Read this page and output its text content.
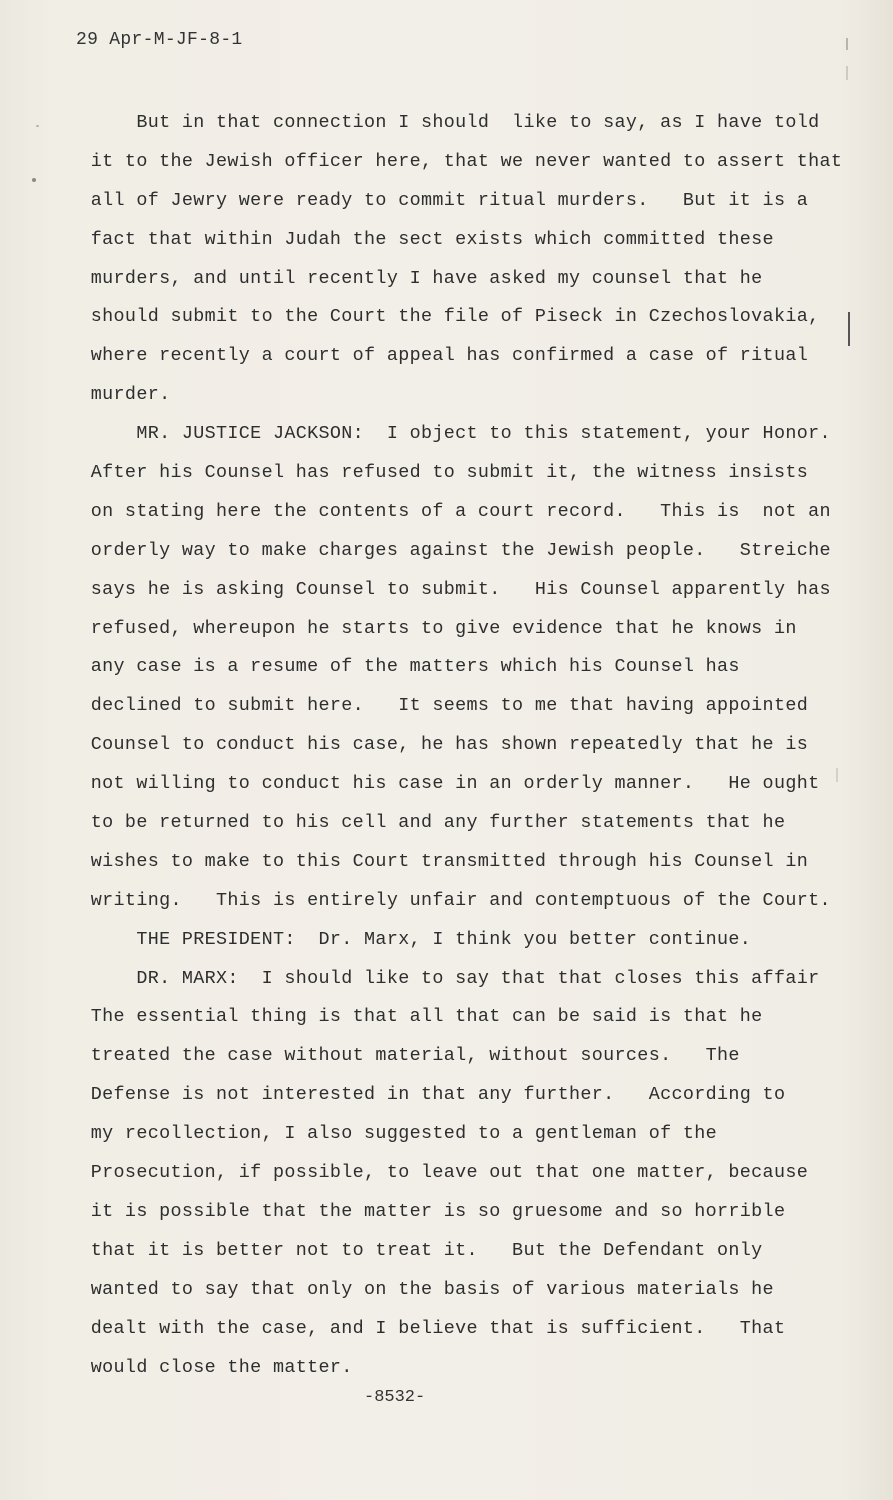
29 Apr-M-JF-8-1
But in that connection I should  like to say, as I have told
it to the Jewish officer here, that we never wanted to assert that
all of Jewry were ready to commit ritual murders.   But it is a
fact that within Judah the sect exists which committed these
murders, and until recently I have asked my counsel that he
should submit to the Court the file of Piseck in Czechoslovakia,
where recently a court of appeal has confirmed a case of ritual
murder.
MR. JUSTICE JACKSON:  I object to this statement, your Honor.
After his Counsel has refused to submit it, the witness insists
on stating here the contents of a court record.   This is  not an
orderly way to make charges against the Jewish people.   Streiche
says he is asking Counsel to submit.   His Counsel apparently has
refused, whereupon he starts to give evidence that he knows in
any case is a resume of the matters which his Counsel has
declined to submit here.   It seems to me that having appointed
Counsel to conduct his case, he has shown repeatedly that he is
not willing to conduct his case in an orderly manner.   He ought
to be returned to his cell and any further statements that he
wishes to make to this Court transmitted through his Counsel in
writing.   This is entirely unfair and contemptuous of the Court.
THE PRESIDENT:  Dr. Marx, I think you better continue.
DR. MARX:  I should like to say that that closes this affair
The essential thing is that all that can be said is that he
treated the case without material, without sources.   The
Defense is not interested in that any further.   According to
my recollection, I also suggested to a gentleman of the
Prosecution, if possible, to leave out that one matter, because
it is possible that the matter is so gruesome and so horrible
that it is better not to treat it.   But the Defendant only
wanted to say that only on the basis of various materials he
dealt with the case, and I believe that is sufficient.   That
would close the matter.
-8532-
